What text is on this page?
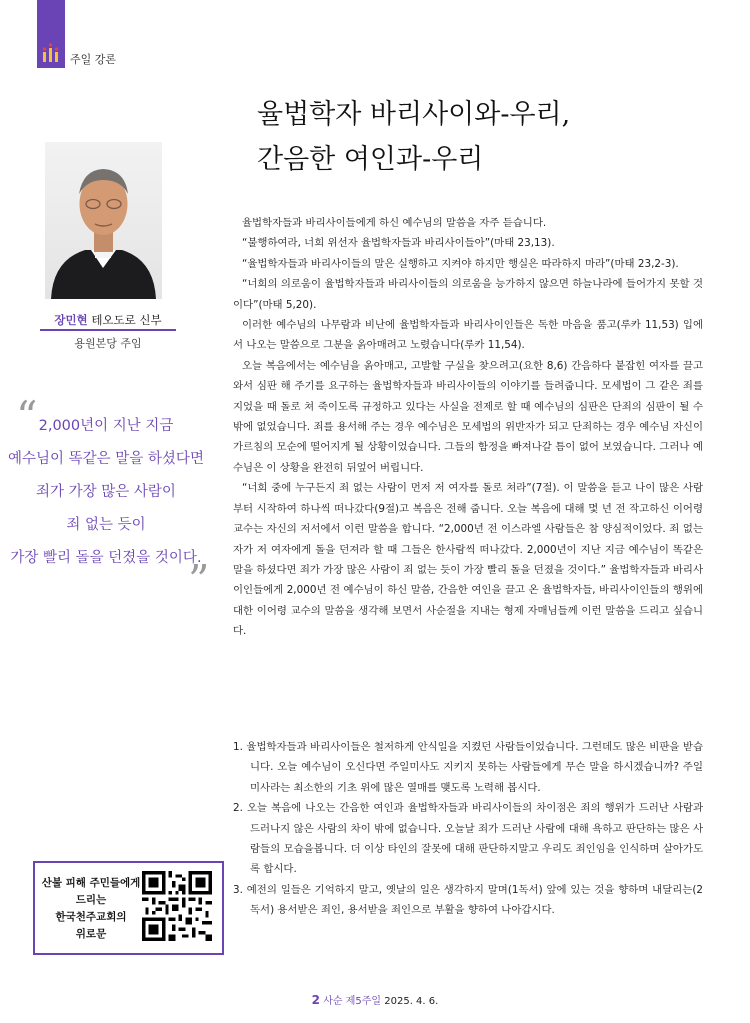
주일 강론
율법학자 바리사이와-우리,
간음한 여인과-우리
장민현 테오도로 신부
용원본당 주임
“ 2,000년이 지난 지금
예수님이 똑같은 말을 하셨다면
죄가 가장 많은 사람이
죄 없는 듯이
가장 빨리 돌을 던졌을 것이다.
”

율법학자들과 바리사이들에게 하신 예수님의 말씀을 자주 듣습니다.

“불행하여라, 너희 위선자 율법학자들과 바리사이들아”(마태 23,13).

“율법학자들과 바리사이들의 말은 실행하고 지켜야 하지만 행실은 따라하지 마라”(마태 23,2-3).

“너희의 의로움이 율법학자들과 바리사이들의 의로움을 능가하지 않으면 하늘나라에 들어가지 못할 것이다”(마태 5,20).

이러한 예수님의 나무람과 비난에 율법학자들과 바리사이인들은 독한 마음을 품고(루카 11,53) 입에서 나오는 말씀으로 그분을 옭아매려고 노렸습니다(루카 11,54).

오늘 복음에서는 예수님을 옭아매고, 고발할 구실을 찾으려고(요한 8,6) 간음하다 붙잡힌 여자를 끌고와서 심판 해 주기를 요구하는 율법학자들과 바리사이들의 이야기를 들려줍니다. 모세법이 그 같은 죄를 지었을 때 돌로 쳐 죽이도록 규정하고 있다는 사실을 전제로 할 때 예수님의 심판은 단죄의 심판이 될 수 밖에 없었습니다. 죄를 용서해 주는 경우 예수님은 모세법의 위반자가 되고 단죄하는 경우 예수님 자신이 가르침의 모순에 떨어지게 될 상황이었습니다. 그들의 함정을 빠져나갈 틈이 없어 보였습니다. 그러나 예수님은 이 상황을 완전히 뒤엎어 버립니다.

“너희 중에 누구든지 죄 없는 사람이 먼저 저 여자를 돌로 쳐라”(7절). 이 말씀을 듣고 나이 많은 사람부터 시작하여 하나씩 떠나갔다(9절)고 복음은 전해 줍니다. 오늘 복음에 대해 몇 년 전 작고하신 이어령 교수는 자신의 저서에서 이런 말씀을 합니다. “2,000년 전 이스라엘 사람들은 참 양심적이었다. 죄 없는 자가 저 여자에게 돌을 던져라 할 때 그들은 한사람씩 떠나갔다. 2,000년이 지난 지금 예수님이 똑같은 말을 하셨다면 죄가 가장 많은 사람이 죄 없는 듯이 가장 빨리 돌을 던졌을 것이다.” 율법학자들과 바리사이인들에게 2,000년 전 예수님이 하신 말씀, 간음한 여인을 끌고 온 율법학자들, 바리사이인들의 행위에 대한 이어령 교수의 말씀을 생각해 보면서 사순절을 지내는 형제 자매님들께 이런 말씀을 드리고 싶습니다.

1. 율법학자들과 바리사이들은 철저하게 안식일을 지켰던 사람들이었습니다. 그런데도 많은 비판을 받습니다. 오늘 예수님이 오신다면 주일미사도 지키지 못하는 사람들에게 무슨 말을 하시겠습니까? 주일미사라는 최소한의 기초 위에 많은 열매를 맺도록 노력해 봅시다.
2. 오늘 복음에 나오는 간음한 여인과 율법학자들과 바리사이들의 차이점은 죄의 행위가 드러난 사람과 드러나지 않은 사람의 차이 밖에 없습니다. 오늘날 죄가 드러난 사람에 대해 욕하고 판단하는 많은 사람들의 모습을봅니다. 더 이상 타인의 잘못에 대해 판단하지말고 우리도 죄인임을 인식하며 살아가도록 합시다.
3. 예전의 일들은 기억하지 말고, 옛날의 일은 생각하지 말며(1독서) 앞에 있는 것을 향하며 내달리는(2독서) 용서받은 죄인, 용서받을 죄인으로 부활을 향하여 나아갑시다.
산불 피해 주민들에게
드리는
한국천주교회의
위로문
2 사순 제5주일 2025. 4. 6.
